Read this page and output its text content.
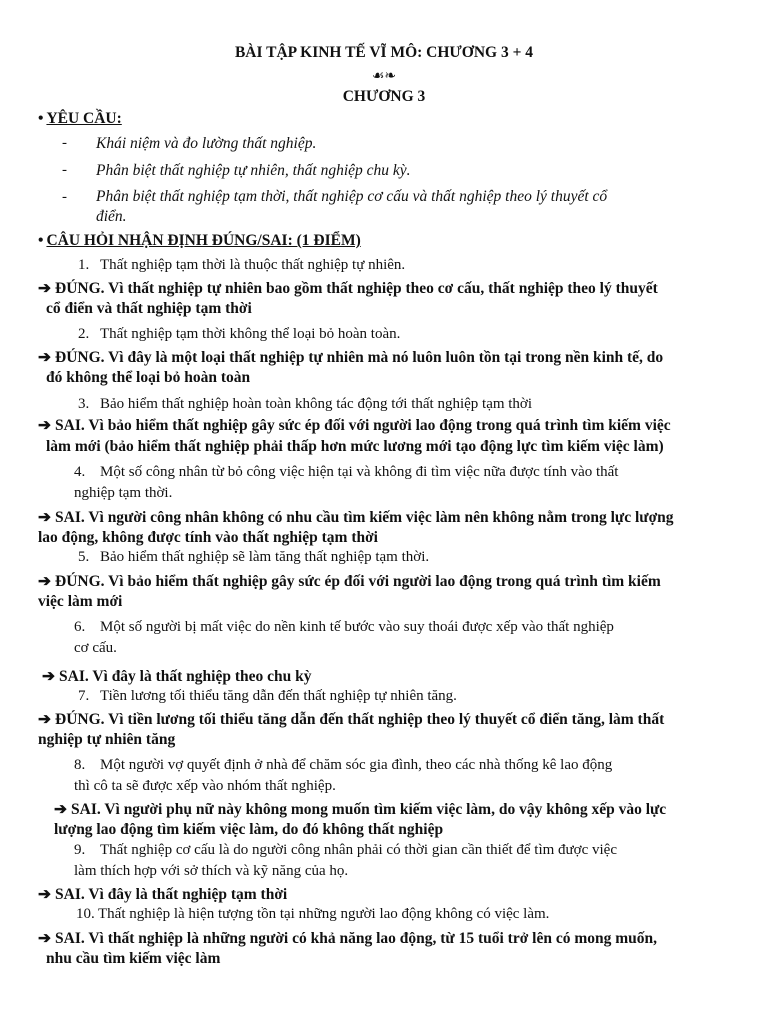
BÀI TẬP KINH TẾ VĨ MÔ: CHƯƠNG 3 + 4
☙❧
CHƯƠNG 3
• YÊU CẦU:
- Khái niệm và đo lường thất nghiệp.
- Phân biệt thất nghiệp tự nhiên, thất nghiệp chu kỳ.
- Phân biệt thất nghiệp tạm thời, thất nghiệp cơ cấu và thất nghiệp theo lý thuyết cổ
điển.
• CÂU HỎI NHẬN ĐỊNH ĐÚNG/SAI: (1 ĐIỂM)
1. Thất nghiệp tạm thời là thuộc thất nghiệp tự nhiên.
➔ ĐÚNG. Vì thất nghiệp tự nhiên bao gồm thất nghiệp theo cơ cấu, thất nghiệp theo lý thuyết
cổ điển và thất nghiệp tạm thời
2. Thất nghiệp tạm thời không thể loại bỏ hoàn toàn.
➔ ĐÚNG. Vì đây là một loại thất nghiệp tự nhiên mà nó luôn luôn tồn tại trong nền kinh tế, do
đó không thể loại bỏ hoàn toàn
3. Bảo hiểm thất nghiệp hoàn toàn không tác động tới thất nghiệp tạm thời
➔ SAI. Vì bảo hiểm thất nghiệp gây sức ép đối với người lao động trong quá trình tìm kiếm việc
làm mới (bảo hiểm thất nghiệp phải thấp hơn mức lương mới tạo động lực tìm kiếm việc làm)
4. Một số công nhân từ bỏ công việc hiện tại và không đi tìm việc nữa được tính vào thất
nghiệp tạm thời.
➔ SAI. Vì người công nhân không có nhu cầu tìm kiếm việc làm nên không nằm trong lực lượng
lao động, không được tính vào thất nghiệp tạm thời
5. Bảo hiểm thất nghiệp sẽ làm tăng thất nghiệp tạm thời.
➔ ĐÚNG. Vì bảo hiểm thất nghiệp gây sức ép đối với người lao động trong quá trình tìm kiếm
việc làm mới
6. Một số người bị mất việc do nền kinh tế bước vào suy thoái được xếp vào thất nghiệp
cơ cấu.
➔ SAI. Vì đây là thất nghiệp theo chu kỳ
7. Tiền lương tối thiểu tăng dẫn đến thất nghiệp tự nhiên tăng.
➔ ĐÚNG. Vì tiền lương tối thiểu tăng dẫn đến thất nghiệp theo lý thuyết cổ điển tăng, làm thất
nghiệp tự nhiên tăng
8. Một người vợ quyết định ở nhà để chăm sóc gia đình, theo các nhà thống kê lao động
thì cô ta sẽ được xếp vào nhóm thất nghiệp.
➔ SAI. Vì người phụ nữ này không mong muốn tìm kiếm việc làm, do vậy không xếp vào lực
lượng lao động tìm kiếm việc làm, do đó không thất nghiệp
9. Thất nghiệp cơ cấu là do người công nhân phải có thời gian cần thiết để tìm được việc
làm thích hợp với sở thích và kỹ năng của họ.
➔ SAI. Vì đây là thất nghiệp tạm thời
10. Thất nghiệp là hiện tượng tồn tại những người lao động không có việc làm.
➔ SAI. Vì thất nghiệp là những người có khả năng lao động, từ 15 tuổi trở lên có mong muốn,
nhu cầu tìm kiếm việc làm
